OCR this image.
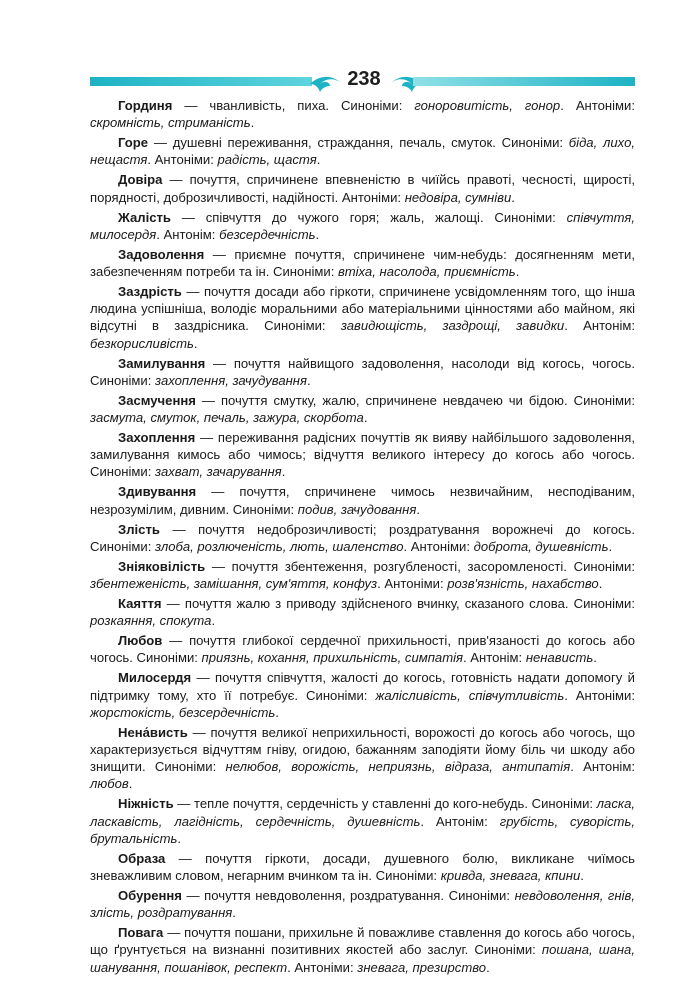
238

Гординя — чванливість, пиха. Синоніми: гоноровитість, гонор. Антоніми: скромність, стриманість.

Горе — душевні переживання, страждання, печаль, смуток. Синоніми: біда, лихо, нещастя. Антоніми: радість, щастя.

Довіра — почуття, спричинене впевненістю в чиїйсь правоті, чесності, щирості, порядності, доброзичливості, надійності. Антоніми: недовіра, сумніви.

Жалість — співчуття до чужого горя; жаль, жалощі. Синоніми: співчуття, милосердя. Антонім: безсердечність.

Задоволення — приємне почуття, спричинене чим-небудь: досягненням мети, забезпеченням потреби та ін. Синоніми: втіха, насолода, приємність.

Заздрість — почуття досади або гіркоти, спричинене усвідомленням того, що інша людина успішніша, володіє моральними або матеріальними цінностями або майном, які відсутні в заздрісника. Синоніми: завидющість, заздрощі, завидки. Антонім: безкорисливість.

Замилування — почуття найвищого задоволення, насолоди від когось, чогось. Синоніми: захоплення, зачудування.

Засмучення — почуття смутку, жалю, спричинене невдачею чи бідою. Синоніми: засмута, смуток, печаль, зажура, скорбота.

Захоплення — переживання радісних почуттів як вияву найбільшого задоволення, замилування кимось або чимось; відчуття великого інтересу до когось або чогось. Синоніми: захват, зачарування.

Здивування — почуття, спричинене чимось незвичайним, несподіваним, незрозумілим, дивним. Синоніми: подив, зачудовання.

Злість — почуття недоброзичливості; роздратування ворожнечі до когось. Синоніми: злоба, розлюченість, лють, шаленство. Антоніми: доброта, душевність.

Зніяковілість — почуття збентеження, розгубленості, засоромленості. Синоніми: збентеженість, замішання, сум'яття, конфуз. Антоніми: розв'язність, нахабство.

Каяття — почуття жалю з приводу здійсненого вчинку, сказаного слова. Синоніми: розкаяння, спокута.

Любов — почуття глибокої сердечної прихильності, прив'язаності до когось або чогось. Синоніми: приязнь, кохання, прихильність, симпатія. Антонім: ненависть.

Милосердя — почуття співчуття, жалості до когось, готовність надати допомогу й підтримку тому, хто її потребує. Синоніми: жалісливість, співчутливість. Антоніми: жорстокість, безсердечність.

Нена́висть — почуття великої неприхильності, ворожості до когось або чогось, що характеризується відчуттям гніву, огидою, бажанням заподіяти йому біль чи шкоду або знищити. Синоніми: нелюбов, ворожість, неприязнь, відраза, антипатія. Антонім: любов.

Ніжність — тепле почуття, сердечність у ставленні до кого-небудь. Синоніми: ласка, ласкавість, лагідність, сердечність, душевність. Антонім: грубість, суворість, брутальність.

Образа — почуття гіркоти, досади, душевного болю, викликане чиїмось зневажливим словом, негарним вчинком та ін. Синоніми: кривда, зневага, кпини.

Обурення — почуття невдоволення, роздратування. Синоніми: невдоволення, гнів, злість, роздратування.

Повага — почуття пошани, прихильне й поважливе ставлення до когось або чогось, що ґрунтується на визнанні позитивних якостей або заслуг. Синоніми: пошана, шана, шанування, пошанівок, респект. Антоніми: зневага, презирство.
